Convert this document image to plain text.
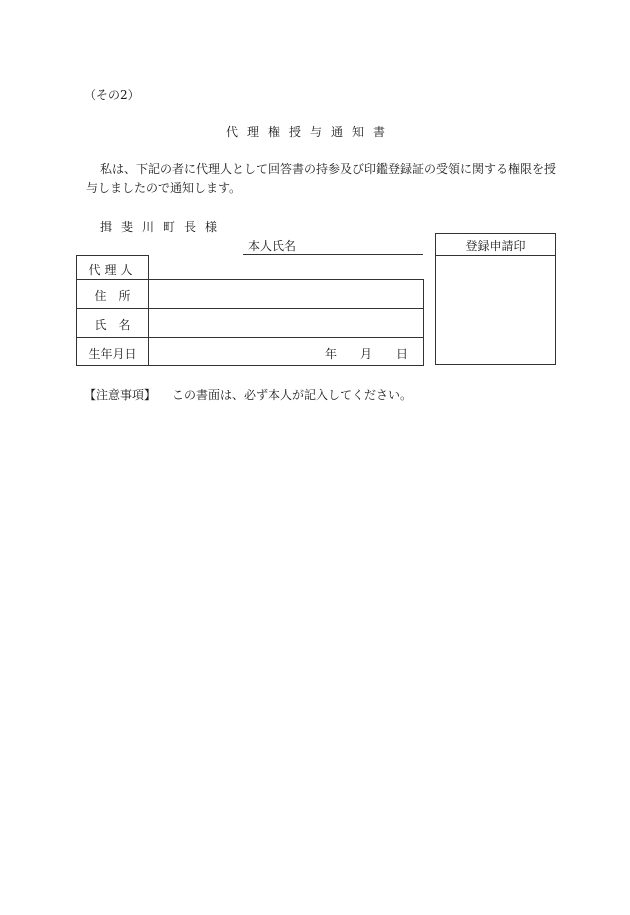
（その2）
代理権授与通知書
私は、下記の者に代理人として回答書の持参及び印鑑登録証の受領に関する権限を授
与しましたので通知します。
揖斐川町長様
本人氏名	登録申請印
代理人
住　所
氏　名
生年月日	年 月 日
【注意事項】 この書面は、必ず本人が記入してください。
